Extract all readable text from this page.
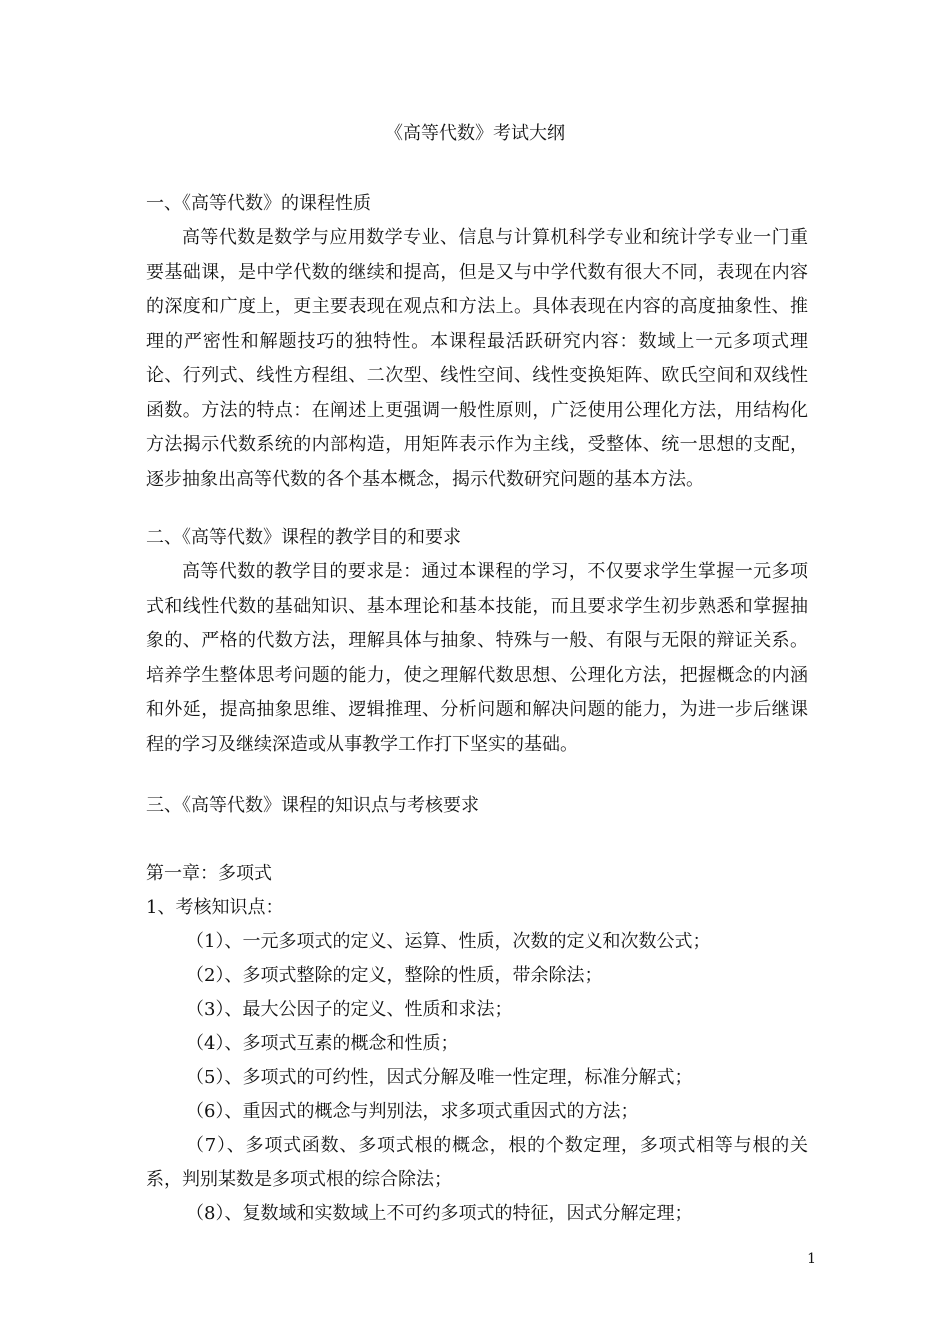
《高等代数》考试大纲

一、《高等代数》的课程性质

高等代数是数学与应用数学专业、信息与计算机科学专业和统计学专业一门重要基础课，是中学代数的继续和提高，但是又与中学代数有很大不同，表现在内容的深度和广度上，更主要表现在观点和方法上。具体表现在内容的高度抽象性、推理的严密性和解题技巧的独特性。本课程最活跃研究内容：数域上一元多项式理论、行列式、线性方程组、二次型、线性空间、线性变换矩阵、欧氏空间和双线性函数。方法的特点：在阐述上更强调一般性原则，广泛使用公理化方法，用结构化方法揭示代数系统的内部构造，用矩阵表示作为主线，受整体、统一思想的支配，逐步抽象出高等代数的各个基本概念，揭示代数研究问题的基本方法。

二、《高等代数》课程的教学目的和要求

高等代数的教学目的要求是：通过本课程的学习，不仅要求学生掌握一元多项式和线性代数的基础知识、基本理论和基本技能，而且要求学生初步熟悉和掌握抽象的、严格的代数方法，理解具体与抽象、特殊与一般、有限与无限的辩证关系。培养学生整体思考问题的能力，使之理解代数思想、公理化方法，把握概念的内涵和外延，提高抽象思维、逻辑推理、分析问题和解决问题的能力，为进一步后继课程的学习及继续深造或从事教学工作打下坚实的基础。

三、《高等代数》课程的知识点与考核要求

第一章：多项式

1、考核知识点：

（1）、一元多项式的定义、运算、性质，次数的定义和次数公式；

（2）、多项式整除的定义，整除的性质，带余除法；

（3）、最大公因子的定义、性质和求法；

（4）、多项式互素的概念和性质；

（5）、多项式的可约性，因式分解及唯一性定理，标准分解式；

（6）、重因式的概念与判别法，求多项式重因式的方法；

（7）、多项式函数、多项式根的概念，根的个数定理，多项式相等与根的关系，判别某数是多项式根的综合除法；

（8）、复数域和实数域上不可约多项式的特征，因式分解定理；

1
